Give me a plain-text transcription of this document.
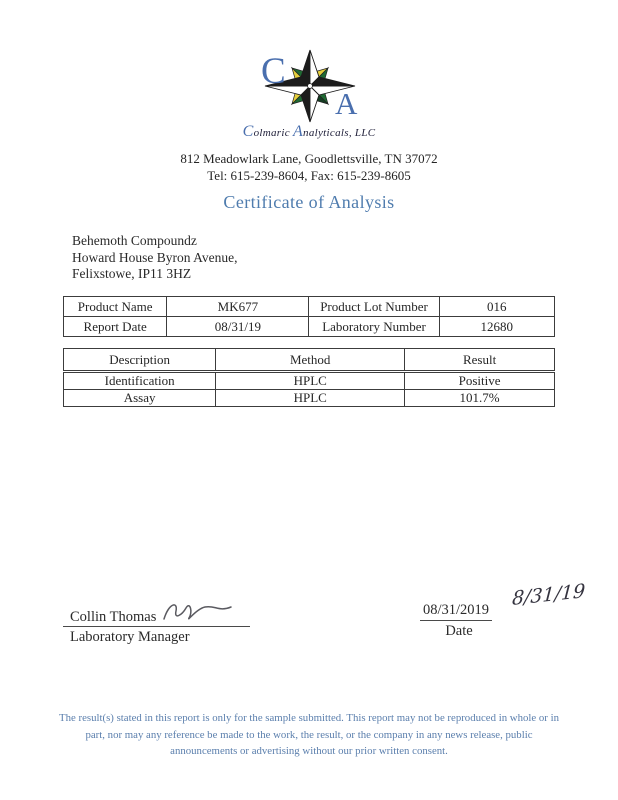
C
A
Colmaric Analyticals, LLC
812 Meadowlark Lane, Goodlettsville, TN 37072
Tel: 615-239-8604, Fax: 615-239-8605
Certificate of Analysis
Behemoth Compoundz
Howard House Byron Avenue,
Felixstowe, IP11 3HZ
Product Name	MK677	Product Lot Number	016
Report Date	08/31/19	Laboratory Number	12680
Description	Method	Result
Identification	HPLC	Positive
Assay	HPLC	101.7%
Collin Thomas
Laboratory Manager
08/31/2019
8/31/19
Date
The result(s) stated in this report is only for the sample submitted. This report may not be reproduced in whole or in part, nor may any reference be made to the work, the result, or the company in any news release, public announcements or advertising without our prior written consent.
